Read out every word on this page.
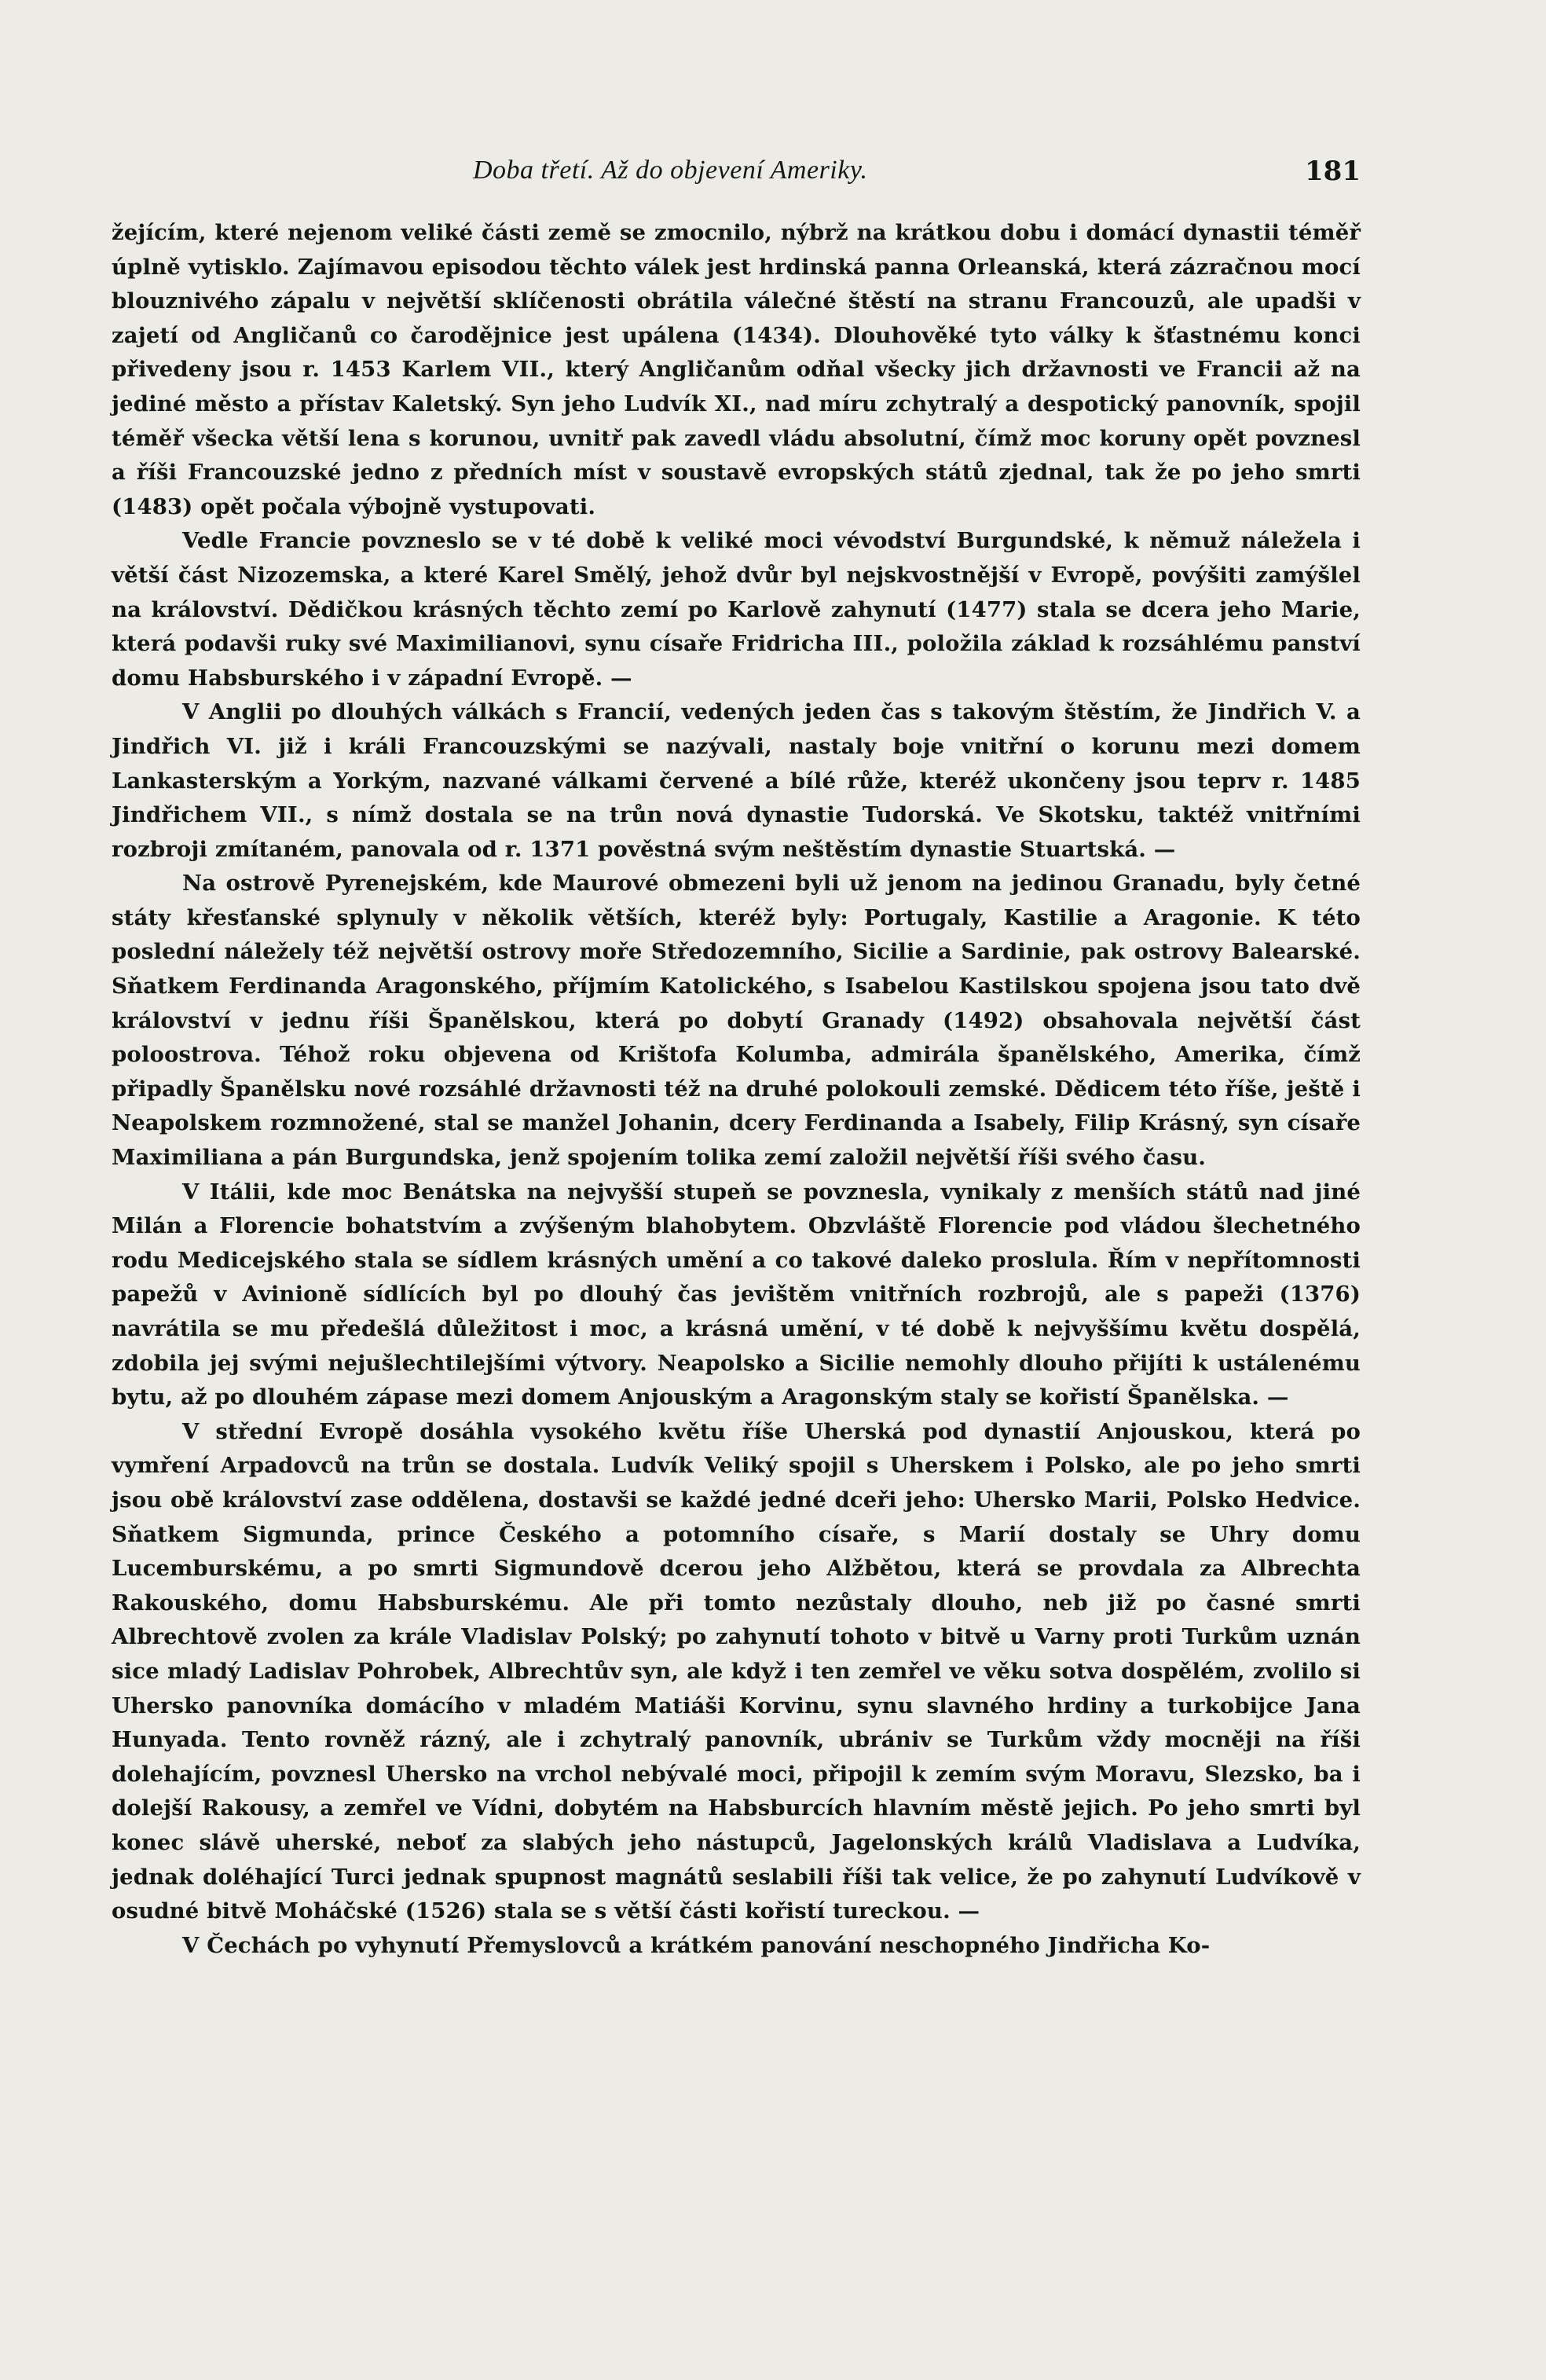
Doba třetí. Až do objevení Ameriky.	181

žejícím, které nejenom veliké části země se zmocnilo, nýbrž na krátkou dobu i domácí dynastii téměř úplně vytisklo. Zajímavou episodou těchto válek jest hrdinská panna Orleanská, která zázračnou mocí blouznivého zápalu v největší sklíčenosti obrátila válečné štěstí na stranu Francouzů, ale upadši v zajetí od Angličanů co čarodějnice jest upálena (1434). Dlouhověké tyto války k šťastnému konci přivedeny jsou r. 1453 Karlem VII., který Angličanům odňal všecky jich državnosti ve Francii až na jediné město a přístav Kaletský. Syn jeho Ludvík XI., nad míru zchytralý a despotický panovník, spojil téměř všecka větší lena s korunou, uvnitř pak zavedl vládu absolutní, čímž moc koruny opět povznesl a říši Francouzské jedno z předních míst v soustavě evropských států zjednal, tak že po jeho smrti (1483) opět počala výbojně vystupovati.

Vedle Francie povzneslo se v té době k veliké moci vévodství Burgundské, k němuž náležela i větší část Nizozemska, a které Karel Smělý, jehož dvůr byl nejskvostnější v Evropě, povýšiti zamýšlel na království. Dědičkou krásných těchto zemí po Karlově zahynutí (1477) stala se dcera jeho Marie, která podavši ruky své Maximilianovi, synu císaře Fridricha III., položila základ k rozsáhlému panství domu Habsburského i v západní Evropě. —

V Anglii po dlouhých válkách s Francií, vedených jeden čas s takovým štěstím, že Jindřich V. a Jindřich VI. již i králi Francouzskými se nazývali, nastaly boje vnitřní o korunu mezi domem Lankasterským a Yorkým, nazvané válkami červené a bílé růže, kteréž ukončeny jsou teprv r. 1485 Jindřichem VII., s nímž dostala se na trůn nová dynastie Tudorská. Ve Skotsku, taktéž vnitřními rozbroji zmítaném, panovala od r. 1371 pověstná svým neštěstím dynastie Stuartská. —

Na ostrově Pyrenejském, kde Maurové obmezeni byli už jenom na jedinou Granadu, byly četné státy křesťanské splynuly v několik větších, kteréž byly: Portugaly, Kastilie a Aragonie. K této poslední náležely též největší ostrovy moře Středozemního, Sicilie a Sardinie, pak ostrovy Balearské. Sňatkem Ferdinanda Aragonského, příjmím Katolického, s Isabelou Kastilskou spojena jsou tato dvě království v jednu říši Španělskou, která po dobytí Granady (1492) obsahovala největší část poloostrova. Téhož roku objevena od Krištofa Kolumba, admirála španělského, Amerika, čímž připadly Španělsku nové rozsáhlé državnosti též na druhé polokouli zemské. Dědicem této říše, ještě i Neapolskem rozmnožené, stal se manžel Johanin, dcery Ferdinanda a Isabely, Filip Krásný, syn císaře Maximiliana a pán Burgundska, jenž spojením tolika zemí založil největší říši svého času.

V Itálii, kde moc Benátska na nejvyšší stupeň se povznesla, vynikaly z menších států nad jiné Milán a Florencie bohatstvím a zvýšeným blahobytem. Obzvláště Florencie pod vládou šlechetného rodu Medicejského stala se sídlem krásných umění a co takové daleko proslula. Řím v nepřítomnosti papežů v Avinioně sídlících byl po dlouhý čas jevištěm vnitřních rozbrojů, ale s papeži (1376) navrátila se mu předešlá důležitost i moc, a krásná umění, v té době k nejvyššímu květu dospělá, zdobila jej svými nejušlechtilejšími výtvory. Neapolsko a Sicilie nemohly dlouho přijíti k ustálenému bytu, až po dlouhém zápase mezi domem Anjouským a Aragonským staly se kořistí Španělska. —

V střední Evropě dosáhla vysokého květu říše Uherská pod dynastií Anjouskou, která po vymření Arpadovců na trůn se dostala. Ludvík Veliký spojil s Uherskem i Polsko, ale po jeho smrti jsou obě království zase oddělena, dostavši se každé jedné dceři jeho: Uhersko Marii, Polsko Hedvice. Sňatkem Sigmunda, prince Českého a potomního císaře, s Marií dostaly se Uhry domu Lucemburskému, a po smrti Sigmundově dcerou jeho Alžbětou, která se provdala za Albrechta Rakouského, domu Habsburskému. Ale při tomto nezůstaly dlouho, neb již po časné smrti Albrechtově zvolen za krále Vladislav Polský; po zahynutí tohoto v bitvě u Varny proti Turkům uznán sice mladý Ladislav Pohrobek, Albrechtův syn, ale když i ten zemřel ve věku sotva dospělém, zvolilo si Uhersko panovníka domácího v mladém Matiáši Korvinu, synu slavného hrdiny a turkobijce Jana Hunyada. Tento rovněž rázný, ale i zchytralý panovník, ubrániv se Turkům vždy mocněji na říši dolehajícím, povznesl Uhersko na vrchol nebývalé moci, připojil k zemím svým Moravu, Slezsko, ba i dolejší Rakousy, a zemřel ve Vídni, dobytém na Habsburcích hlavním městě jejich. Po jeho smrti byl konec slávě uherské, neboť za slabých jeho nástupců, Jagelonských králů Vladislava a Ludvíka, jednak doléhající Turci jednak spupnost magnátů seslabili říši tak velice, že po zahynutí Ludvíkově v osudné bitvě Moháčské (1526) stala se s větší části kořistí tureckou. —

V Čechách po vyhynutí Přemyslovců a krátkém panování neschopného Jindřicha Ko-
